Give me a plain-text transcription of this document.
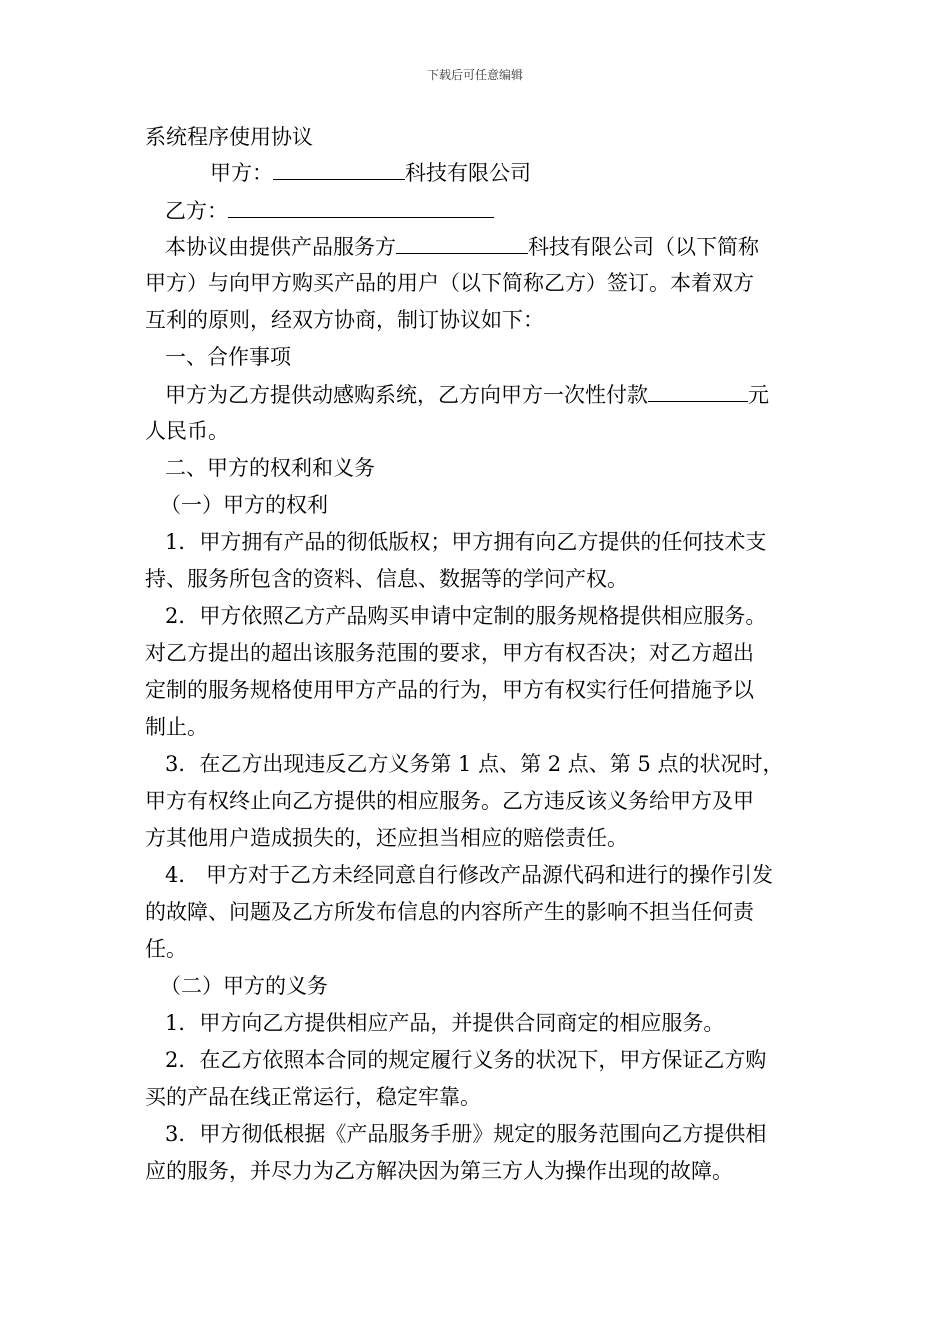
下载后可任意编辑
系统程序使用协议
甲方：	科技有限公司
乙方：
本协议由提供产品服务方	科技有限公司（以下简称
甲方）与向甲方购买产品的用户（以下简称乙方）签订。本着双方
互利的原则，经双方协商，制订协议如下：
一、合作事项
甲方为乙方提供动感购系统，乙方向甲方一次性付款	元
人民币。
二、甲方的权利和义务
（一）甲方的权利
1．甲方拥有产品的彻低版权；甲方拥有向乙方提供的任何技术支
持、服务所包含的资料、信息、数据等的学问产权。
2．甲方依照乙方产品购买申请中定制的服务规格提供相应服务。
对乙方提出的超出该服务范围的要求，甲方有权否决；对乙方超出
定制的服务规格使用甲方产品的行为，甲方有权实行任何措施予以
制止。
3．在乙方出现违反乙方义务第 1 点、第 2 点、第 5 点的状况时，
甲方有权终止向乙方提供的相应服务。乙方违反该义务给甲方及甲
方其他用户造成损失的，还应担当相应的赔偿责任。
4． 甲方对于乙方未经同意自行修改产品源代码和进行的操作引发
的故障、问题及乙方所发布信息的内容所产生的影响不担当任何责
任。
（二）甲方的义务
1．甲方向乙方提供相应产品，并提供合同商定的相应服务。
2．在乙方依照本合同的规定履行义务的状况下，甲方保证乙方购
买的产品在线正常运行，稳定牢靠。
3．甲方彻低根据《产品服务手册》规定的服务范围向乙方提供相
应的服务，并尽力为乙方解决因为第三方人为操作出现的故障。
